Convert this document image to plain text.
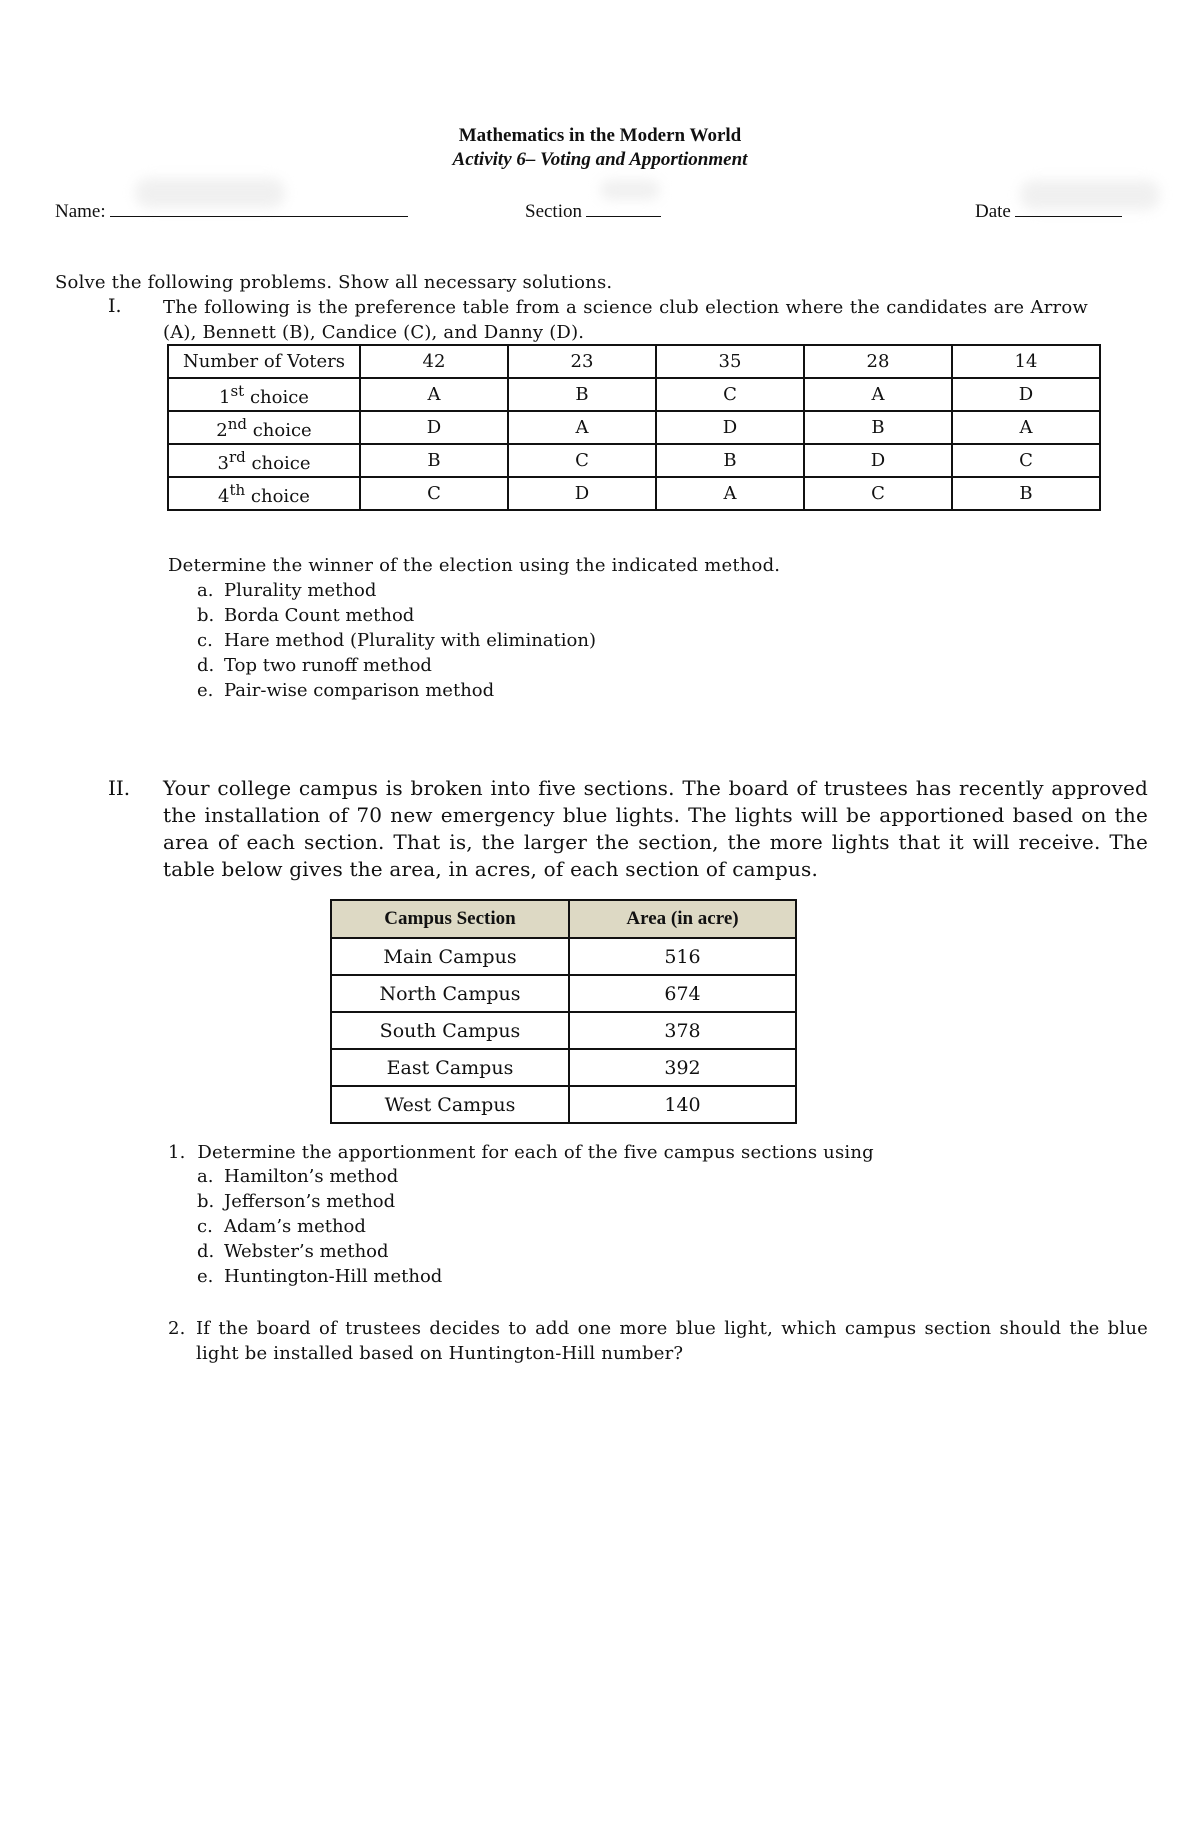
Mathematics in the Modern World
Activity 6– Voting and Apportionment
Name:	Section	Date
Solve the following problems. Show all necessary solutions.
I. The following is the preference table from a science club election where the candidates are Arrow (A), Bennett (B), Candice (C), and Danny (D).
Number of Voters	42	23	35	28	14
1st choice	A	B	C	A	D
2nd choice	D	A	D	B	A
3rd choice	B	C	B	D	C
4th choice	C	D	A	C	B
Determine the winner of the election using the indicated method.
a. Plurality method
b. Borda Count method
c. Hare method (Plurality with elimination)
d. Top two runoff method
e. Pair-wise comparison method
II. Your college campus is broken into five sections. The board of trustees has recently approved the installation of 70 new emergency blue lights. The lights will be apportioned based on the area of each section. That is, the larger the section, the more lights that it will receive. The table below gives the area, in acres, of each section of campus.
Campus Section	Area (in acre)
Main Campus	516
North Campus	674
South Campus	378
East Campus	392
West Campus	140
1. Determine the apportionment for each of the five campus sections using
a. Hamilton’s method
b. Jefferson’s method
c. Adam’s method
d. Webster’s method
e. Huntington-Hill method
2. If the board of trustees decides to add one more blue light, which campus section should the blue light be installed based on Huntington-Hill number?
